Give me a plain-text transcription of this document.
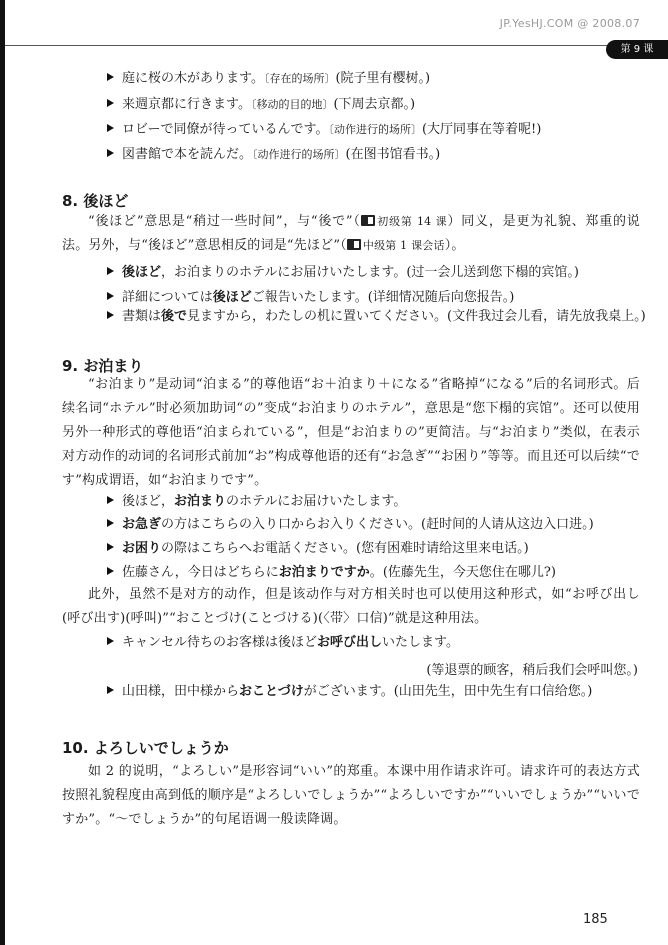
JP.YesHJ.COM @ 2008.07
第 9 课
庭に桜の木があります。〔存在的场所〕(院子里有樱树。)
来週京都に行きます。〔移动的目的地〕(下周去京都。)
ロビーで同僚が待っているんです。〔动作进行的场所〕(大厅同事在等着呢!)
図書館で本を読んだ。〔动作进行的场所〕(在图书馆看书。)
8. 後ほど
“後ほど”意思是“稍过一些时间”，与“後で”（ 初级第 14 课）同义，是更为礼貌、郑重的说法。另外，与“後ほど”意思相反的词是“先ほど”（ 中级第 1 课会话）。
後ほど，お泊まりのホテルにお届けいたします。(过一会儿送到您下榻的宾馆。)
詳細については後ほどご報告いたします。(详细情况随后向您报告。)
書類は後で見ますから，わたしの机に置いてください。(文件我过会儿看，请先放我桌上。)
9. お泊まり
“お泊まり”是动词“泊まる”的尊他语“お＋泊まり＋になる”省略掉“になる”后的名词形式。后续名词“ホテル”时必须加助词“の”变成“お泊まりのホテル”，意思是“您下榻的宾馆”。还可以使用另外一种形式的尊他语“泊まられている”，但是“お泊まりの”更简洁。与“お泊まり”类似，在表示对方动作的动词的名词形式前加“お”构成尊他语的还有“お急ぎ”“お困り”等等。而且还可以后续“です”构成谓语，如“お泊まりです”。
後ほど，お泊まりのホテルにお届けいたします。
お急ぎの方はこちらの入り口からお入りください。(赶时间的人请从这边入口进。)
お困りの際はこちらへお電話ください。(您有困难时请给这里来电话。)
佐藤さん，今日はどちらにお泊まりですか。(佐藤先生，今天您住在哪儿?)
此外，虽然不是对方的动作，但是该动作与对方相关时也可以使用这种形式，如“お呼び出し(呼び出す)(呼叫)”“おことづけ(ことづける)(〈带〉口信)”就是这种用法。
キャンセル待ちのお客様は後ほどお呼び出しいたします。
(等退票的顾客，稍后我们会呼叫您。)
山田様，田中様からおことづけがございます。(山田先生，田中先生有口信给您。)
10. よろしいでしょうか
如 2 的说明，“よろしい”是形容词“いい”的郑重。本课中用作请求许可。请求许可的表达方式按照礼貌程度由高到低的顺序是“よろしいでしょうか”“よろしいですか”“いいでしょうか”“いいですか”。“～でしょうか”的句尾语调一般读降调。
185
